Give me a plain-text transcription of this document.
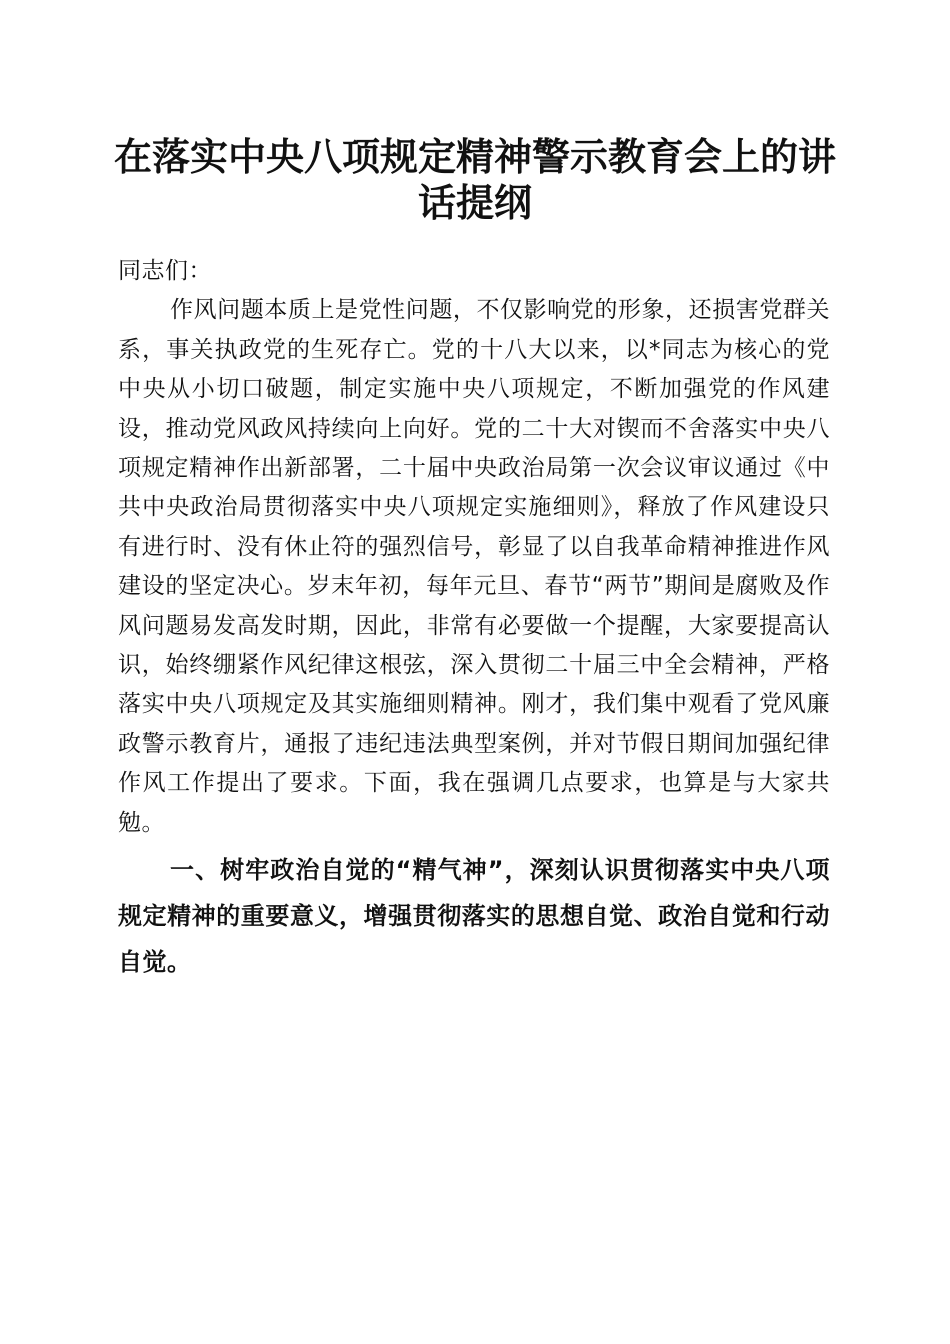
在落实中央八项规定精神警示教育会上的讲话提纲

同志们：

作风问题本质上是党性问题，不仅影响党的形象，还损害党群关系，事关执政党的生死存亡。党的十八大以来，以*同志为核心的党中央从小切口破题，制定实施中央八项规定，不断加强党的作风建设，推动党风政风持续向上向好。党的二十大对锲而不舍落实中央八项规定精神作出新部署，二十届中央政治局第一次会议审议通过《中共中央政治局贯彻落实中央八项规定实施细则》，释放了作风建设只有进行时、没有休止符的强烈信号，彰显了以自我革命精神推进作风建设的坚定决心。岁末年初，每年元旦、春节“两节”期间是腐败及作风问题易发高发时期，因此，非常有必要做一个提醒，大家要提高认识，始终绷紧作风纪律这根弦，深入贯彻二十届三中全会精神，严格落实中央八项规定及其实施细则精神。刚才，我们集中观看了党风廉政警示教育片，通报了违纪违法典型案例，并对节假日期间加强纪律作风工作提出了要求。下面，我在强调几点要求，也算是与大家共勉。

一、树牢政治自觉的“精气神”，深刻认识贯彻落实中央八项规定精神的重要意义，增强贯彻落实的思想自觉、政治自觉和行动自觉。
